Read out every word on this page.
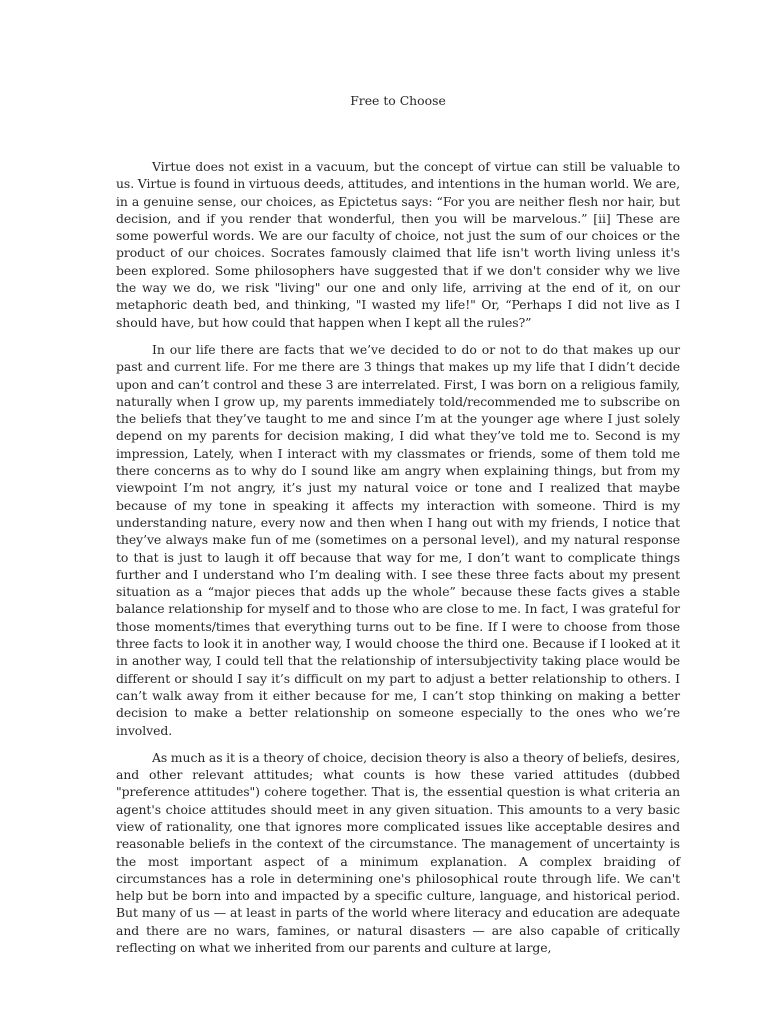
Free to Choose

Virtue does not exist in a vacuum, but the concept of virtue can still be valuable to us. Virtue is found in virtuous deeds, attitudes, and intentions in the human world. We are, in a genuine sense, our choices, as Epictetus says: “For you are neither flesh nor hair, but decision, and if you render that wonderful, then you will be marvelous.” [ii] These are some powerful words. We are our faculty of choice, not just the sum of our choices or the product of our choices. Socrates famously claimed that life isn't worth living unless it's been explored. Some philosophers have suggested that if we don't consider why we live the way we do, we risk "living" our one and only life, arriving at the end of it, on our metaphoric death bed, and thinking, "I wasted my life!" Or, “Perhaps I did not live as I should have, but how could that happen when I kept all the rules?”

In our life there are facts that we’ve decided to do or not to do that makes up our past and current life. For me there are 3 things that makes up my life that I didn’t decide upon and can’t control and these 3 are interrelated. First, I was born on a religious family, naturally when I grow up, my parents immediately told/recommended me to subscribe on the beliefs that they’ve taught to me and since I’m at the younger age where I just solely depend on my parents for decision making, I did what they’ve told me to. Second is my impression, Lately, when I interact with my classmates or friends, some of them told me there concerns as to why do I sound like am angry when explaining things, but from my viewpoint I’m not angry, it’s just my natural voice or tone and I realized that maybe because of my tone in speaking it affects my interaction with someone. Third is my understanding nature, every now and then when I hang out with my friends, I notice that they’ve always make fun of me (sometimes on a personal level), and my natural response to that is just to laugh it off because that way for me, I don’t want to complicate things further and I understand who I’m dealing with. I see these three facts about my present situation as a “major pieces that adds up the whole” because these facts gives a stable balance relationship for myself and to those who are close to me. In fact, I was grateful for those moments/times that everything turns out to be fine. If I were to choose from those three facts to look it in another way, I would choose the third one. Because if I looked at it in another way, I could tell that the relationship of intersubjectivity taking place would be different or should I say it’s difficult on my part to adjust a better relationship to others. I can’t walk away from it either because for me, I can’t stop thinking on making a better decision to make a better relationship on someone especially to the ones who we’re involved.

As much as it is a theory of choice, decision theory is also a theory of beliefs, desires, and other relevant attitudes; what counts is how these varied attitudes (dubbed "preference attitudes") cohere together. That is, the essential question is what criteria an agent's choice attitudes should meet in any given situation. This amounts to a very basic view of rationality, one that ignores more complicated issues like acceptable desires and reasonable beliefs in the context of the circumstance. The management of uncertainty is the most important aspect of a minimum explanation. A complex braiding of circumstances has a role in determining one's philosophical route through life. We can't help but be born into and impacted by a specific culture, language, and historical period. But many of us — at least in parts of the world where literacy and education are adequate and there are no wars, famines, or natural disasters — are also capable of critically reflecting on what we inherited from our parents and culture at large,
